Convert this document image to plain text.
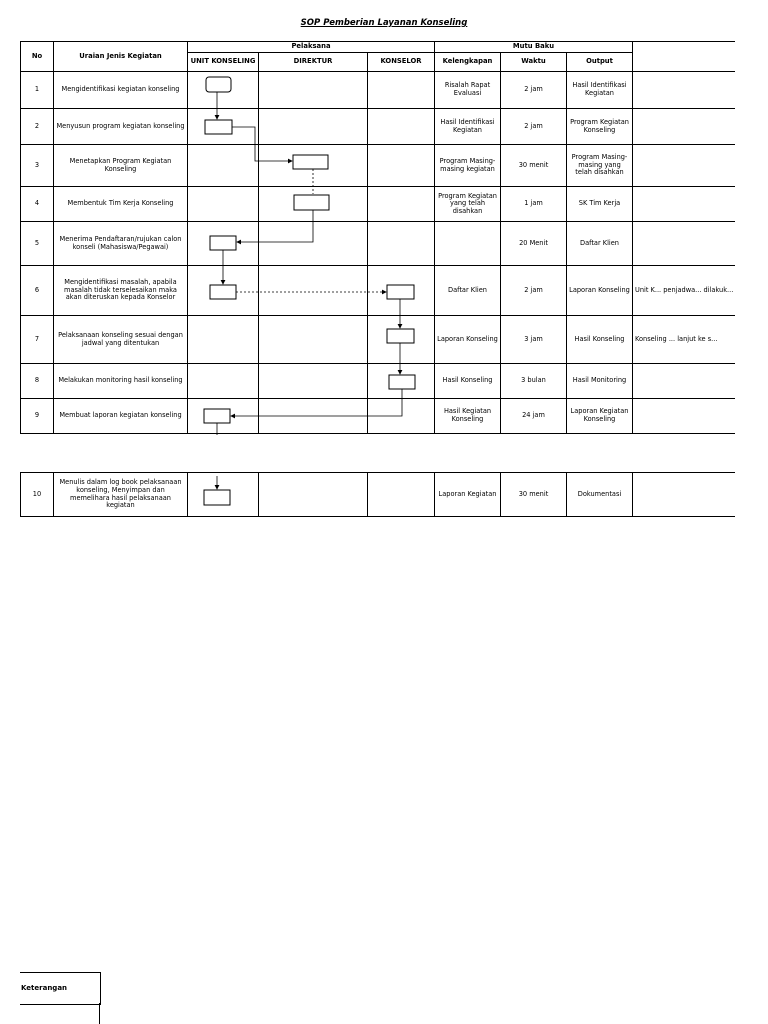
SOP Pemberian Layanan Konseling
No	Uraian Jenis Kegiatan	Pelaksana			Mutu Baku			
		UNIT KONSELING	DIREKTUR	KONSELOR	Kelengkapan	Waktu	Output	
1	Mengidentifikasi kegiatan konseling				Risalah Rapat Evaluasi	2 jam	Hasil Identifikasi Kegiatan	
2	Menyusun program kegiatan konseling				Hasil Identifikasi Kegiatan	2 jam	Program Kegiatan Konseling	
3	Menetapkan Program Kegiatan Konseling				Program Masing-masing kegiatan	30 menit	Program Masing-masing yang telah disahkan	
4	Membentuk Tim Kerja Konseling				Program Kegiatan yang telah disahkan	1 jam	SK Tim Kerja	
5	Menerima Pendaftaran/rujukan calon konseli (Mahasiswa/Pegawai)					20 Menit	Daftar Klien	
6	Mengidentifikasi masalah, apabila masalah tidak terselesaikan maka akan diteruskan kepada Konselor				Daftar Klien	2 jam	Laporan Konseling	Unit K... penjadwa... dilakuk...
7	Pelaksanaan konseling sesuai dengan jadwal yang ditentukan				Laporan Konseling	3 jam	Hasil Konseling	Konseling ... lanjut ke s...
8	Melakukan monitoring hasil konseling				Hasil Konseling	3 bulan	Hasil Monitoring	
9	Membuat laporan kegiatan konseling				Hasil Kegiatan Konseling	24 jam	Laporan Kegiatan Konseling	

10	Menulis dalam log book pelaksanaan konseling, Menyimpan dan memelihara hasil pelaksanaan kegiatan				Laporan Kegiatan	30 menit	Dokumentasi	
Keterangan
